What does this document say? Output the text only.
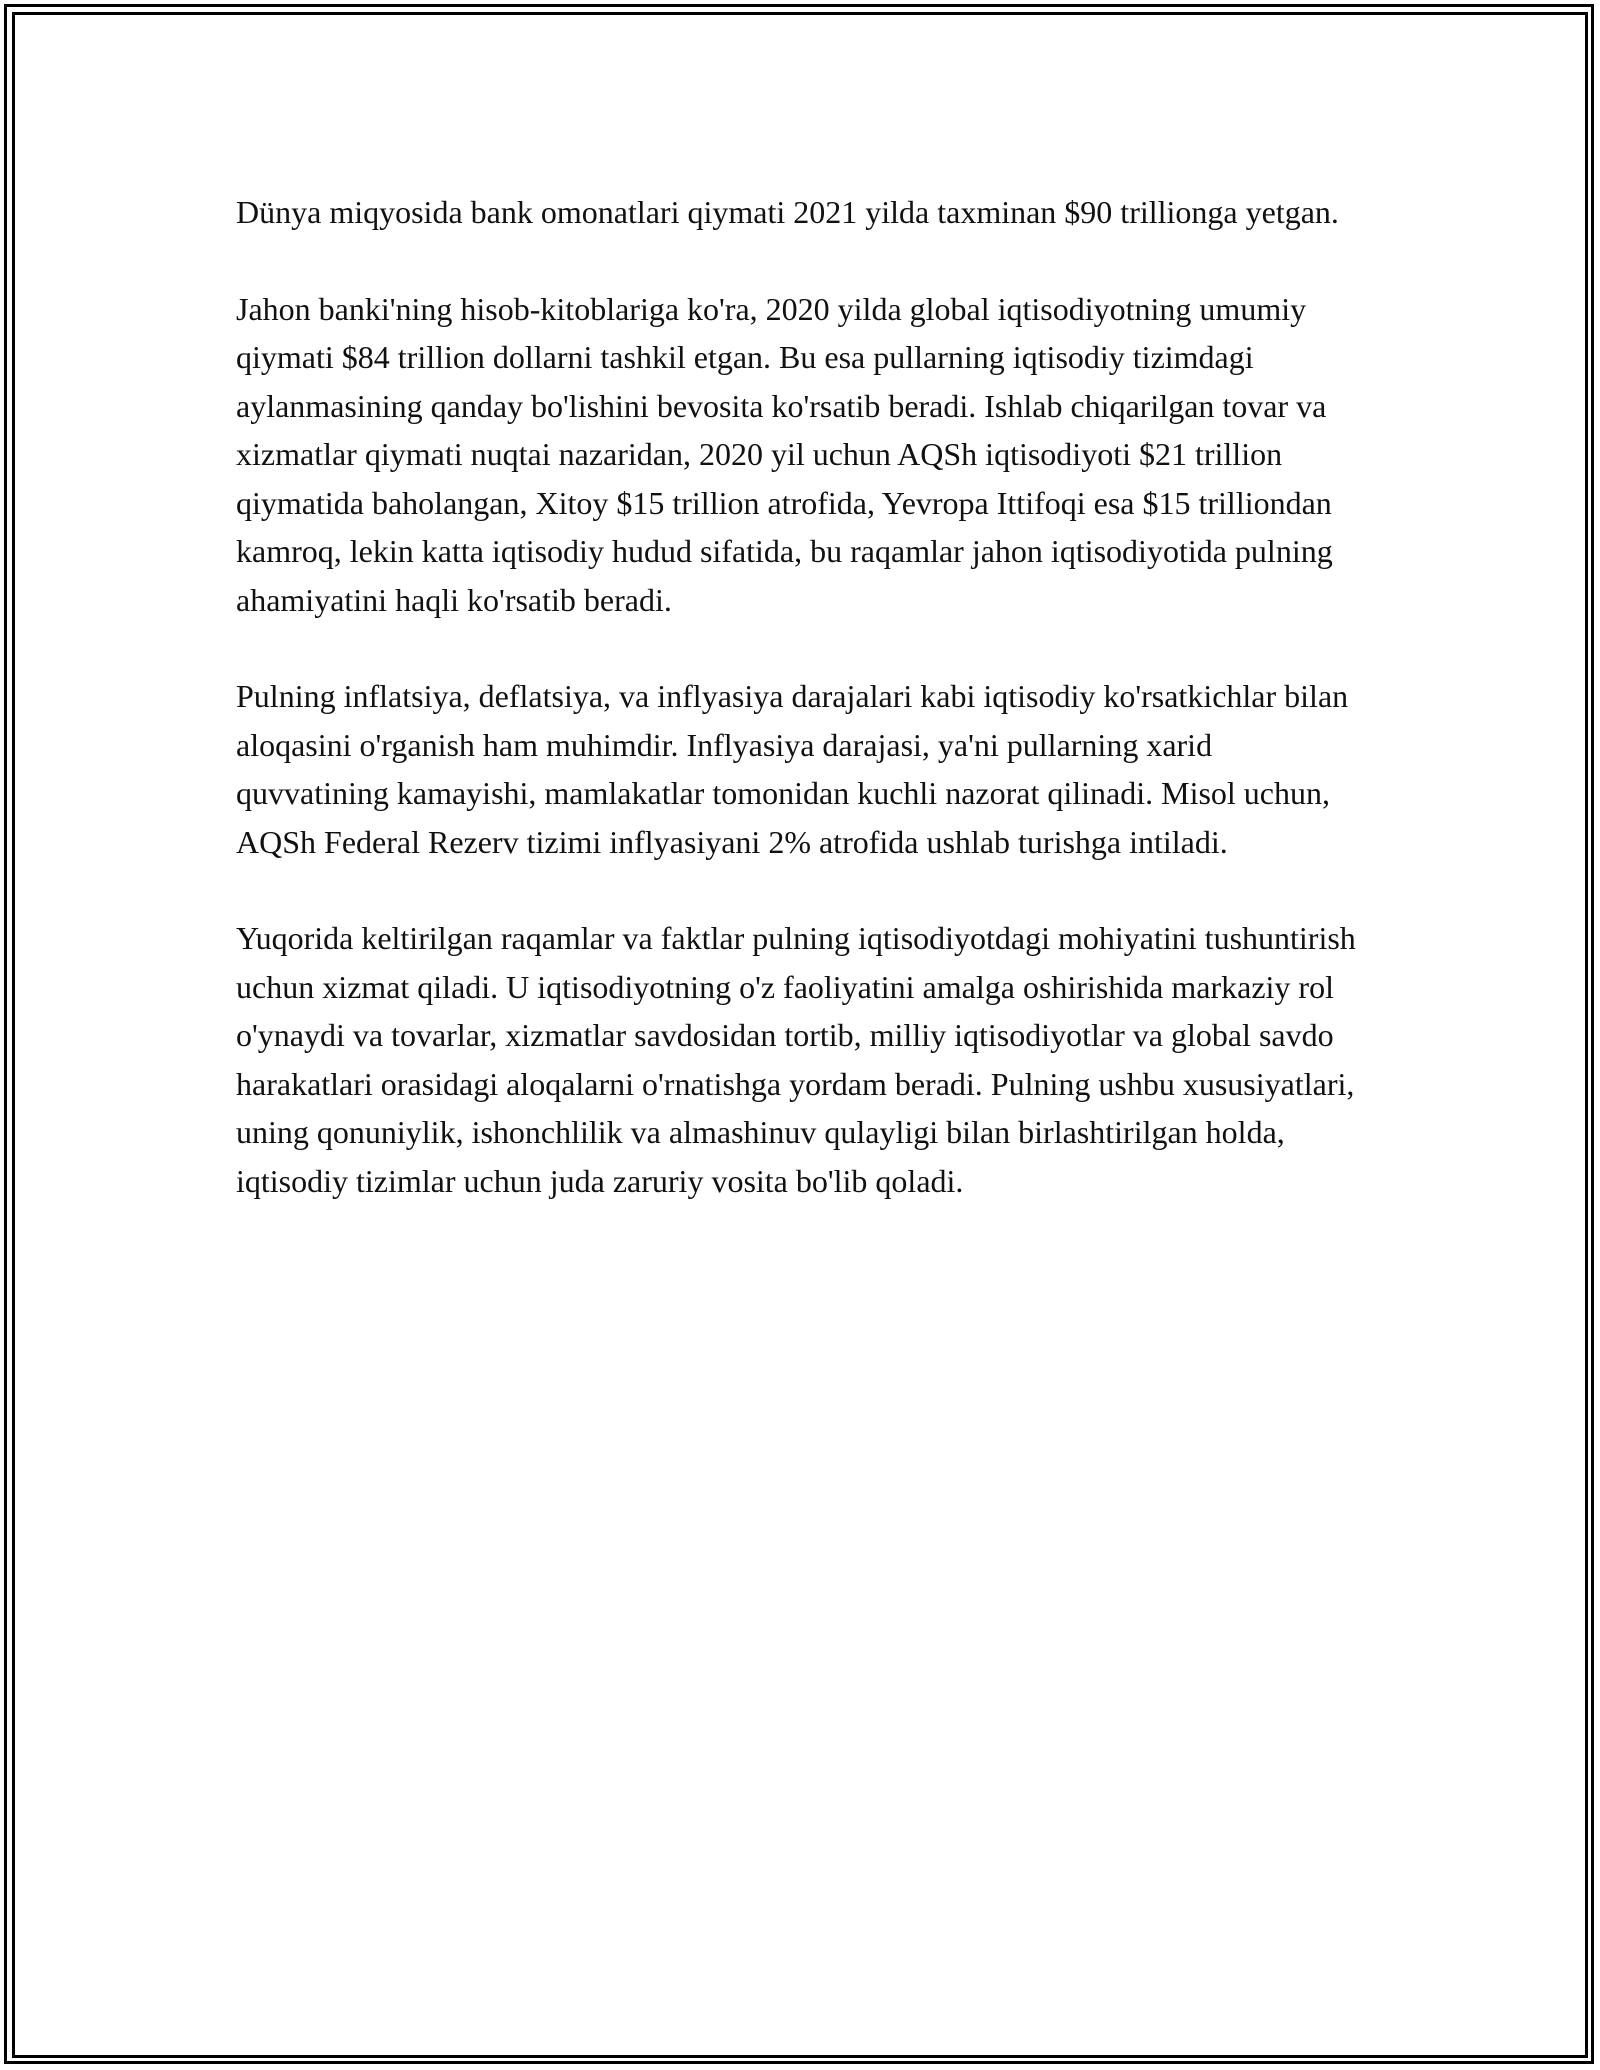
Dünya miqyosida bank omonatlari qiymati 2021 yilda taxminan $90 trillionga yetgan.

Jahon banki'ning hisob-kitoblariga ko'ra, 2020 yilda global iqtisodiyotning umumiy qiymati $84 trillion dollarni tashkil etgan. Bu esa pullarning iqtisodiy tizimdagi aylanmasining qanday bo'lishini bevosita ko'rsatib beradi. Ishlab chiqarilgan tovar va xizmatlar qiymati nuqtai nazaridan, 2020 yil uchun AQSh iqtisodiyoti $21 trillion qiymatida baholangan, Xitoy $15 trillion atrofida, Yevropa Ittifoqi esa $15 trilliondan kamroq, lekin katta iqtisodiy hudud sifatida, bu raqamlar jahon iqtisodiyotida pulning ahamiyatini haqli ko'rsatib beradi.

Pulning inflatsiya, deflatsiya, va inflyasiya darajalari kabi iqtisodiy ko'rsatkichlar bilan aloqasini o'rganish ham muhimdir. Inflyasiya darajasi, ya'ni pullarning xarid quvvatining kamayishi, mamlakatlar tomonidan kuchli nazorat qilinadi. Misol uchun, AQSh Federal Rezerv tizimi inflyasiyani 2% atrofida ushlab turishga intiladi.

Yuqorida keltirilgan raqamlar va faktlar pulning iqtisodiyotdagi mohiyatini tushuntirish uchun xizmat qiladi. U iqtisodiyotning o'z faoliyatini amalga oshirishida markaziy rol o'ynaydi va tovarlar, xizmatlar savdosidan tortib, milliy iqtisodiyotlar va global savdo harakatlari orasidagi aloqalarni o'rnatishga yordam beradi. Pulning ushbu xususiyatlari, uning qonuniylik, ishonchlilik va almashinuv qulayligi bilan birlashtirilgan holda, iqtisodiy tizimlar uchun juda zaruriy vosita bo'lib qoladi.
